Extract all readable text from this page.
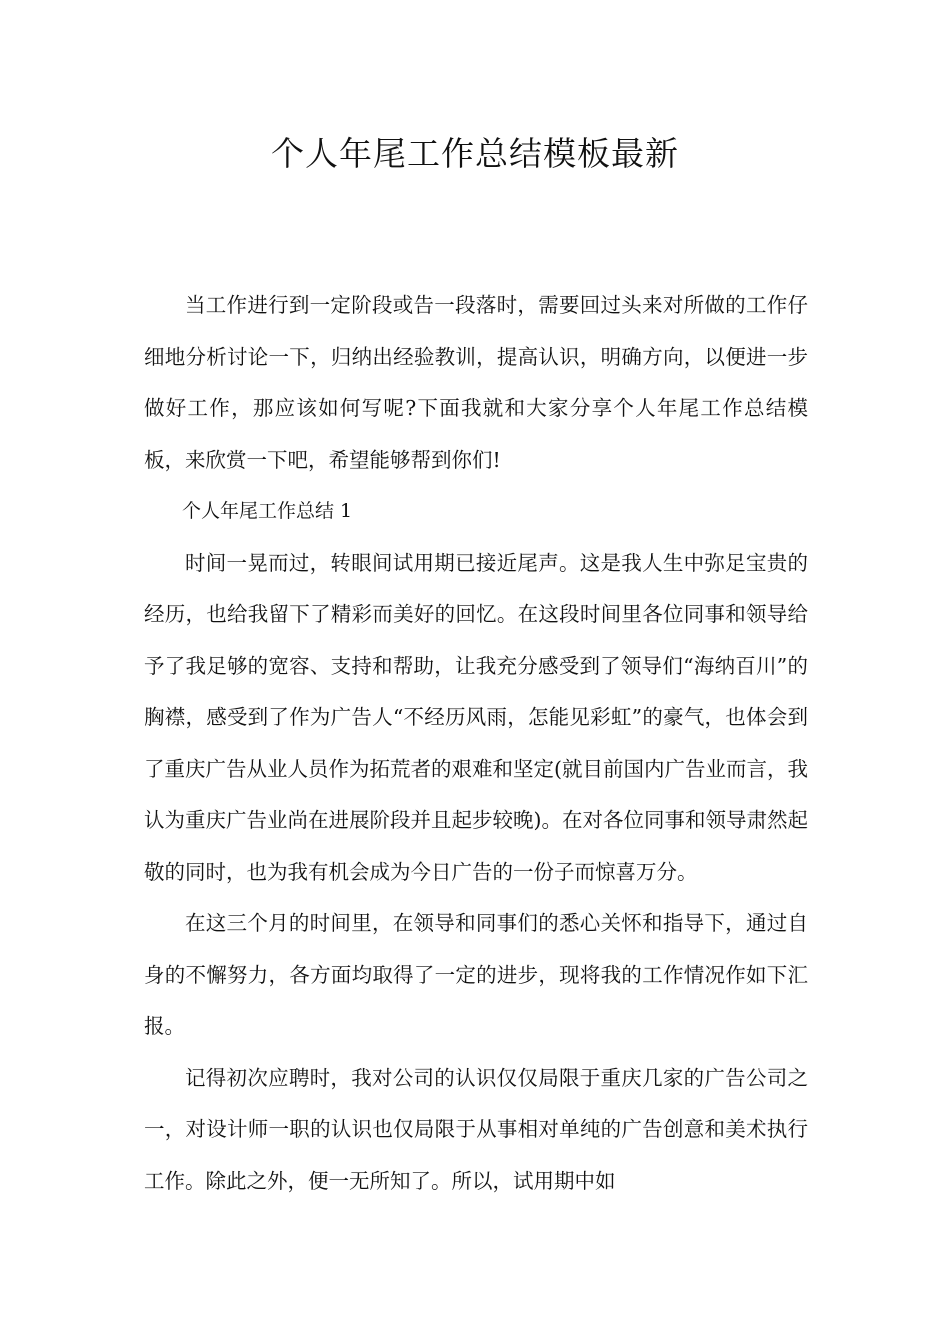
个人年尾工作总结模板最新

当工作进行到一定阶段或告一段落时，需要回过头来对所做的工作仔细地分析讨论一下，归纳出经验教训，提高认识，明确方向，以便进一步做好工作，那应该如何写呢?下面我就和大家分享个人年尾工作总结模板，来欣赏一下吧，希望能够帮到你们!

个人年尾工作总结 1

时间一晃而过，转眼间试用期已接近尾声。这是我人生中弥足宝贵的经历，也给我留下了精彩而美好的回忆。在这段时间里各位同事和领导给予了我足够的宽容、支持和帮助，让我充分感受到了领导们“海纳百川”的胸襟，感受到了作为广告人“不经历风雨，怎能见彩虹”的豪气，也体会到了重庆广告从业人员作为拓荒者的艰难和坚定(就目前国内广告业而言，我认为重庆广告业尚在进展阶段并且起步较晚)。在对各位同事和领导肃然起敬的同时，也为我有机会成为今日广告的一份子而惊喜万分。

在这三个月的时间里，在领导和同事们的悉心关怀和指导下，通过自身的不懈努力，各方面均取得了一定的进步，现将我的工作情况作如下汇报。

记得初次应聘时，我对公司的认识仅仅局限于重庆几家的广告公司之一，对设计师一职的认识也仅局限于从事相对单纯的广告创意和美术执行工作。除此之外，便一无所知了。所以，试用期中如
